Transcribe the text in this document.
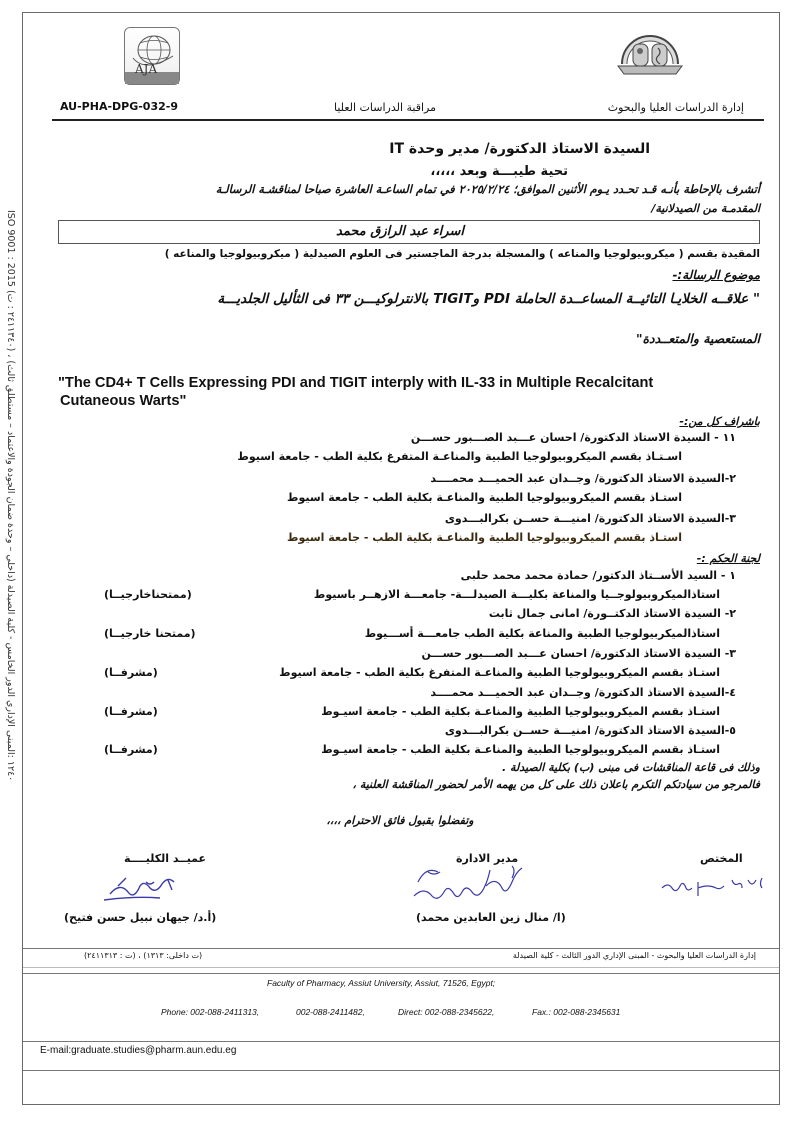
AJA
AU-PHA-DPG-032-9	مراقبة الدراسات العليا	إدارة الدراسات العليا والبحوث
ISO 9001 : 2015 (٢٤١١٣٤٠ : ت) ، (١٢٤٠ :المبنى الإداري الدور الخامس - كلية الصيدلة (داخلي – وحدة ضمان الجودة والاعتماد – مستطلق ثالث
السيدة الاستاذ الدكتورة/ مدير وحدة IT
تحية طيبـــة وبعد ،،،،،
أتشرف بالإحاطة بأنـه قـد تحـدد يـوم الأثنين الموافق؛ ٢٠٢٥/٢/٢٤ في تمام الساعـة العاشرة صباحا لمناقشـة الرسالـة
المقدمـة من الصيدلانية/
اسراء عبد الرازق محمد
المقيدة بقسم ( ميكروبيولوجيا والمناعه ) والمسجلة بدرجة الماجستير فى العلوم الصيدلية ( ميكروبيولوجيا والمناعه )
موضوع الرسالة:-
" علاقــه الخلايـا التائيــة المساعــدة الحاملة PDI وTIGIT بالانترلوكيـــن ٣٣ فى الثأليل الجلديـــة
المستعصية والمتعــددة"
"The CD4+ T Cells Expressing PDI and TIGIT interply with IL-33 in Multiple Recalcitant
Cutaneous Warts"
باشراف كل من:-
١١ - السيدة الاستاذ الدكتورة/ احسان عـــبد الصـــبور حســـن
اسـتـاذ بقسم الميكروبيولوجيا الطبية والمناعـة المتفرغ بكلية الطب - جامعة اسيوط
٢-السيدة الاستاذ الدكتورة/ وجــدان عبد الحميـــد محمــــد
استـاذ بقسم الميكروبيولوجيا الطبية والمناعـة بكلية الطب - جامعة اسيوط
٣-السيدة الاستاذ الدكتورة/ امنيـــة حســن بكرالبـــدوى
استـاذ بقسم الميكروبيولوجيا الطبية والمناعـة بكلية الطب - جامعة اسيوط
لجنة الحكم :-
١ - السيد الأســتاذ الدكتور/ حمادة محمد محمد حلبى
استاذالميكروبيولوجــيا والمناعة بكليـــة الصيدلـــة- جامعـــة الازهــر باسيوط
(ممتحناخارجيــا)
٢- السيدة الاستاذ الدكتــورة/ امانى جمال ثابت
استاذالميكربيولوجيا الطبية والمناعة بكلية الطب جامعـــة أســـيوط
(ممتحنا خارجيــا)
٣- السيدة الاستاذ الدكتورة/ احسان عـــبد الصـــبور حســـن
استـاذ بقسم الميكروبيولوجيا الطبية والمناعـة المتفرغ بكلية الطب - جامعة اسيوط
(مشرفــا)
٤-السيدة الاستاذ الدكتورة/ وجــدان عبد الحميـــد محمــــد
استـاذ بقسم الميكروبيولوجيا الطبية والمناعـة بكلية الطب - جامعة اسيـوط
(مشرفــا)
٥-السيدة الاستاذ الدكتورة/ امنيـــة حســن بكرالبـــدوى
استـاذ بقسم الميكروبيولوجيا الطبية والمناعـة بكلية الطب - جامعة اسيـوط
(مشرفــا)
وذلك فى قاعة المناقشات فى مبنى (ب) بكلية الصيدلة .
فالمرجو من سيادتكم التكرم باعلان ذلك على كل من يهمه الأمر لحضور المناقشة العلنية ،
وتفضلوا بقبول فائق الاحترام ،،،،
المختص
مدير الادارة
عميــد الكليــــة
(ا/ منال زين العابدين محمد)
(أ.د/ جيهان نبيل حسن فتيح)
إدارة الدراسات العليا والبحوث - المبنى الإداري الدور الثالث - كلية الصيدلة
(ت داخلى: ١٣١٣) ، (ت : ٢٤١١٣١٣)
Faculty of Pharmacy, Assiut University, Assiut, 71526, Egypt;
Phone: 002-088-2411313,	002-088-2411482,	Direct: 002-088-2345622,	Fax.: 002-088-2345631
E-mail:graduate.studies@pharm.aun.edu.eg
